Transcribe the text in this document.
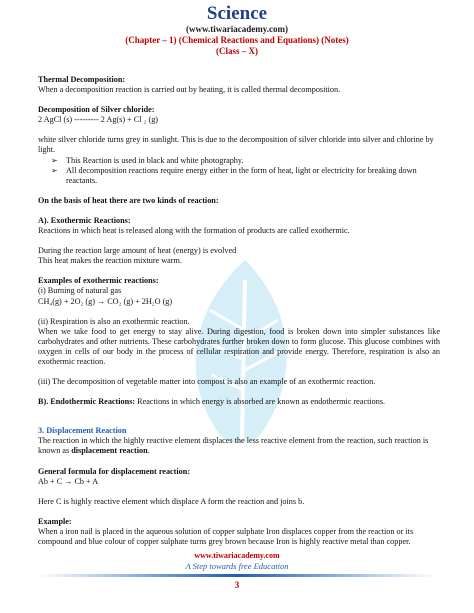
Science
(www.tiwariacademy.com)
(Chapter – 1) (Chemical Reactions and Equations) (Notes)
(Class – X)

Thermal Decomposition:

When a decomposition reaction is carried out by heating, it is called thermal decomposition.

Decomposition of Silver chloride:

2 AgCl (s) --------- 2 Ag(s) + Cl ₂ (g)

white silver chloride turns grey in sunlight. This is due to the decomposition of silver chloride into silver and chlorine by light.

➢ This Reaction is used in black and white photography.
➢ All decomposition reactions require energy either in the form of heat, light or electricity for breaking down reactants.

On the basis of heat there are two kinds of reaction:

A). Exothermic Reactions:

Reactions in which heat is released along with the formation of products are called exothermic.

During the reaction large amount of heat (energy) is evolved

This heat makes the reaction mixture warm.

Examples of exothermic reactions:

(i) Burning of natural gas

CH₄(g) + 2O₂ (g) → CO₂ (g) + 2H₂O (g)

(ii) Respiration is also an exothermic reaction.

When we take food to get energy to stay alive. During digestion, food is broken down into simpler substances like carbohydrates and other nutrients. These carbohydrates further broken down to form glucose. This glucose combines with oxygen in cells of our body in the process of cellular respiration and provide energy. Therefore, respiration is also an exothermic reaction.

(iii) The decomposition of vegetable matter into compost is also an example of an exothermic reaction.

B). Endothermic Reactions: Reactions in which energy is absorbed are known as endothermic reactions.

3. Displacement Reaction

The reaction in which the highly reactive element displaces the less reactive element from the reaction, such reaction is known as displacement reaction.

General formula for displacement reaction:

Ab + C → Cb + A

Here C is highly reactive element which displace A form the reaction and joins b.

Example:

When a iron nail is placed in the aqueous solution of copper sulphate Iron displaces copper from the reaction or its compound and blue colour of copper sulphate turns grey brown because Iron is highly reactive metal than copper.

www.tiwariacademy.com
A Step towards free Education
3
